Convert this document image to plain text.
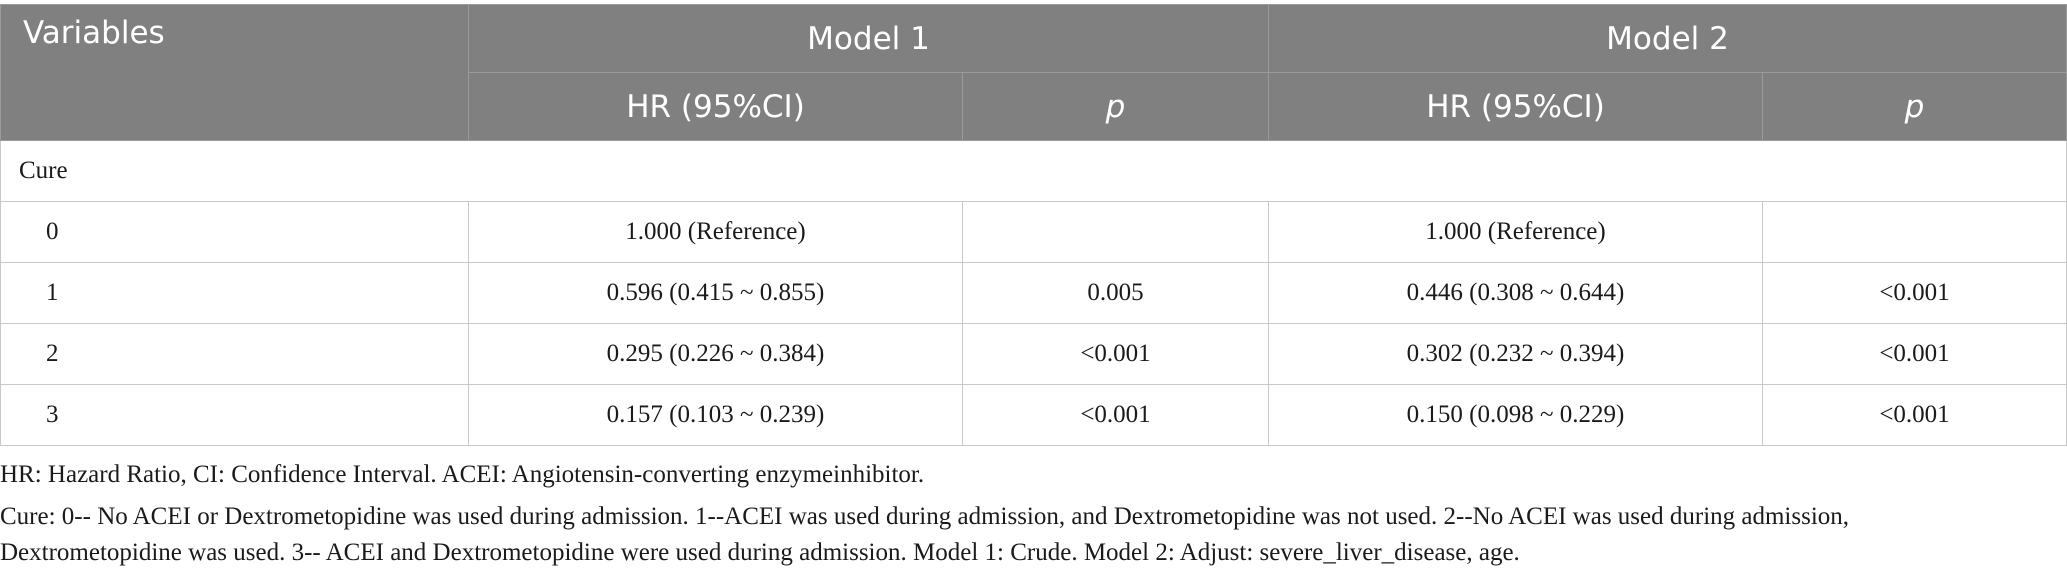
Variables	Model 1		Model 2	
	HR (95%CI)	p	HR (95%CI)	p
Cure				
0	1.000 (Reference)		1.000 (Reference)	
1	0.596 (0.415 ~ 0.855)	0.005	0.446 (0.308 ~ 0.644)	<0.001
2	0.295 (0.226 ~ 0.384)	<0.001	0.302 (0.232 ~ 0.394)	<0.001
3	0.157 (0.103 ~ 0.239)	<0.001	0.150 (0.098 ~ 0.229)	<0.001
HR: Hazard Ratio, CI: Confidence Interval. ACEI: Angiotensin-converting enzymeinhibitor.
Cure: 0-- No ACEI or Dextrometopidine was used during admission. 1--ACEI was used during admission, and Dextrometopidine was not used. 2--No ACEI was used during admission,
Dextrometopidine was used. 3-- ACEI and Dextrometopidine were used during admission. Model 1: Crude. Model 2: Adjust: severe_liver_disease, age.
